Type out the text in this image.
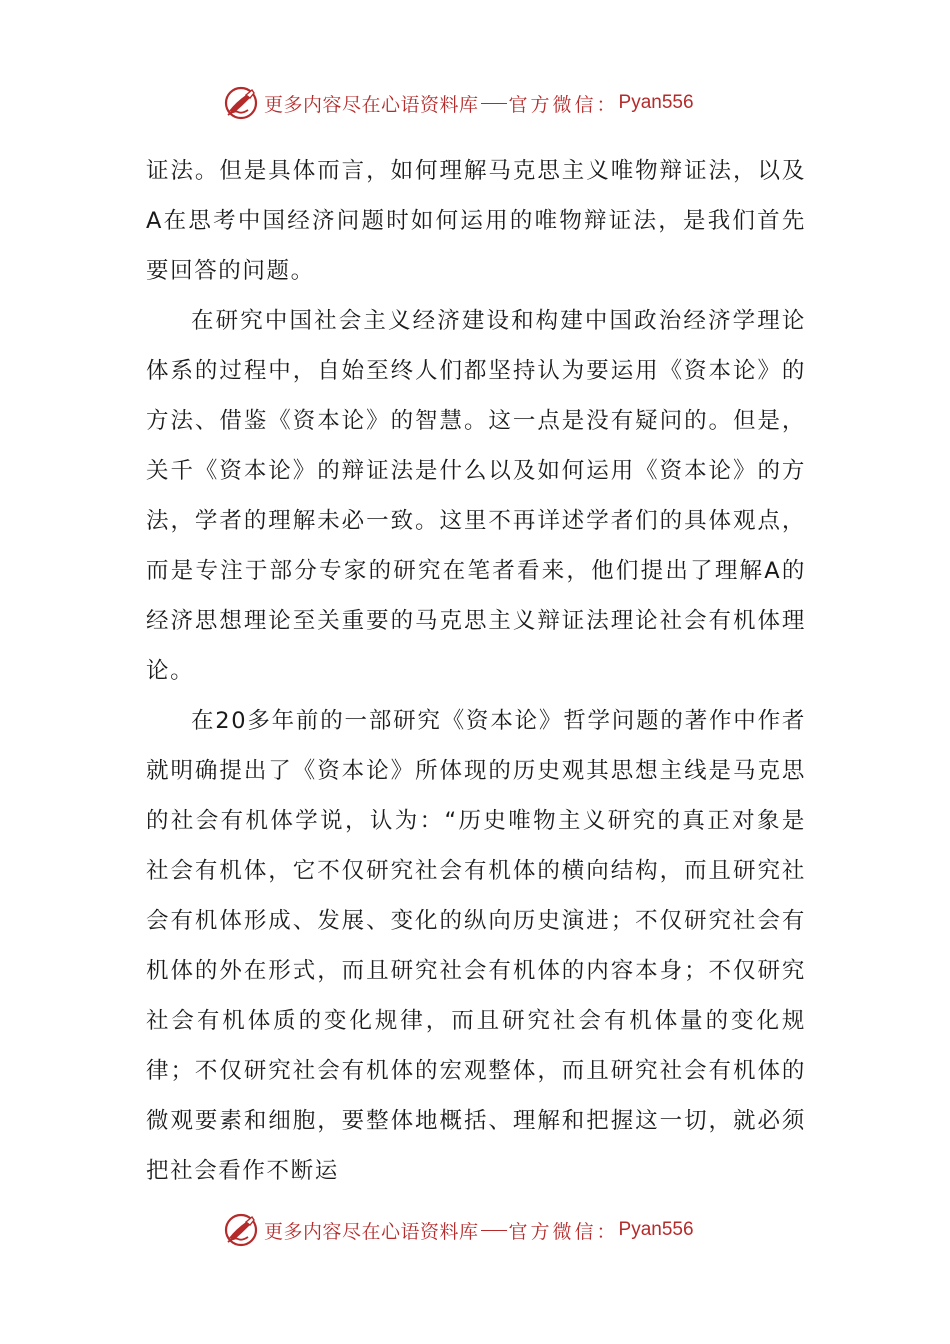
更多内容尽在心语资料库 官方微信： Pyan556

证法。但是具体而言，如何理解马克思主义唯物辩证法，以及A在思考中国经济问题时如何运用的唯物辩证法，是我们首先要回答的问题。

在研究中国社会主义经济建设和构建中国政治经济学理论体系的过程中，自始至终人们都坚持认为要运用《资本论》的方法、借鉴《资本论》的智慧。这一点是没有疑问的。但是，关千《资本论》的辩证法是什么以及如何运用《资本论》的方法，学者的理解未必一致。这里不再详述学者们的具体观点，而是专注于部分专家的研究在笔者看来，他们提出了理解A的经济思想理论至关重要的马克思主义辩证法理论社会有机体理论。

在20多年前的一部研究《资本论》哲学问题的著作中作者就明确提出了《资本论》所体现的历史观其思想主线是马克思的社会有机体学说，认为：“历史唯物主义研究的真正对象是社会有机体，它不仅研究社会有机体的横向结构，而且研究社会有机体形成、发展、变化的纵向历史演进；不仅研究社会有机体的外在形式，而且研究社会有机体的内容本身；不仅研究社会有机体质的变化规律，而且研究社会有机体量的变化规律；不仅研究社会有机体的宏观整体，而且研究社会有机体的微观要素和细胞，要整体地概括、理解和把握这一切，就必须把社会看作不断运

更多内容尽在心语资料库 官方微信： Pyan556
